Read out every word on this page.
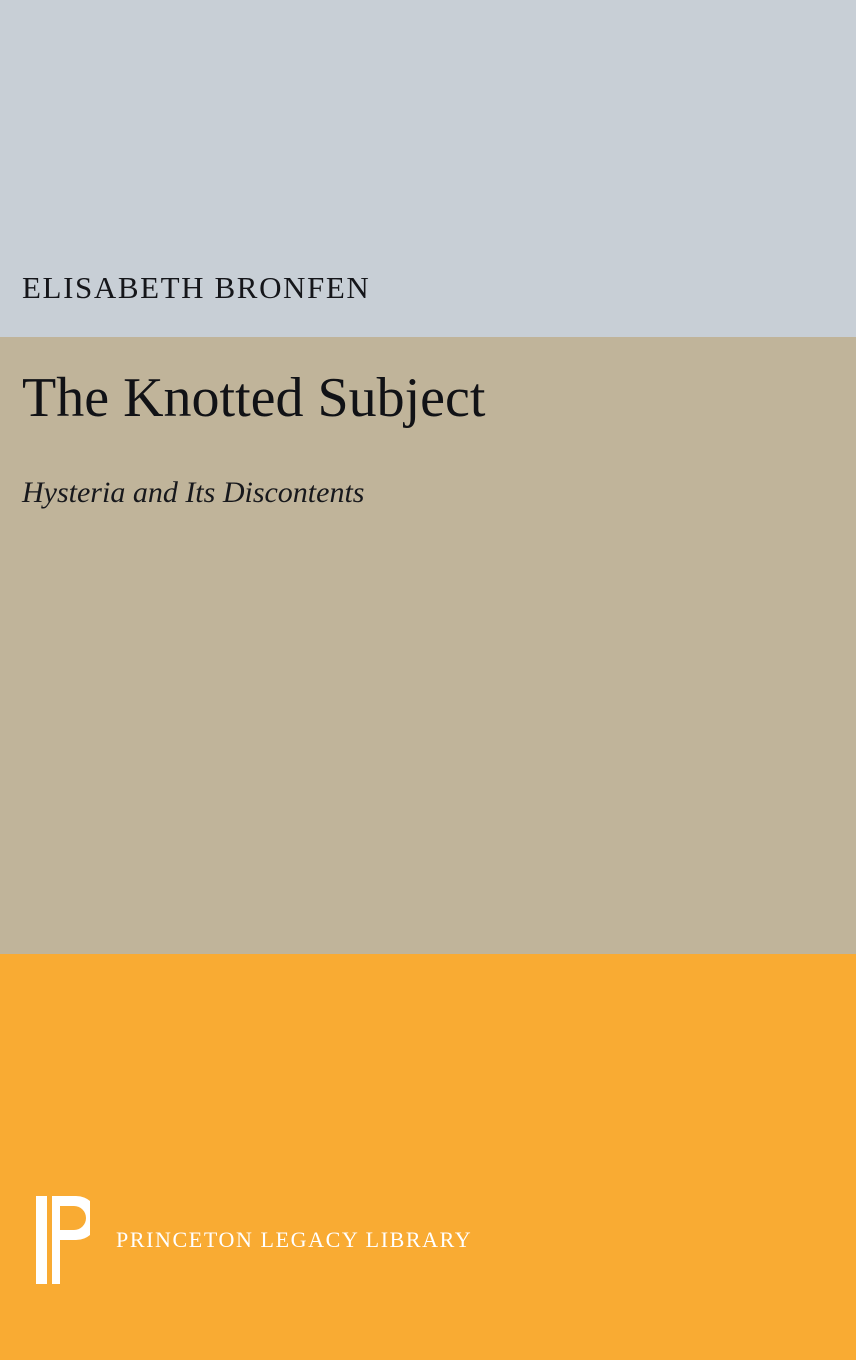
ELISABETH BRONFEN
The Knotted Subject
Hysteria and Its Discontents
PRINCETON LEGACY LIBRARY
